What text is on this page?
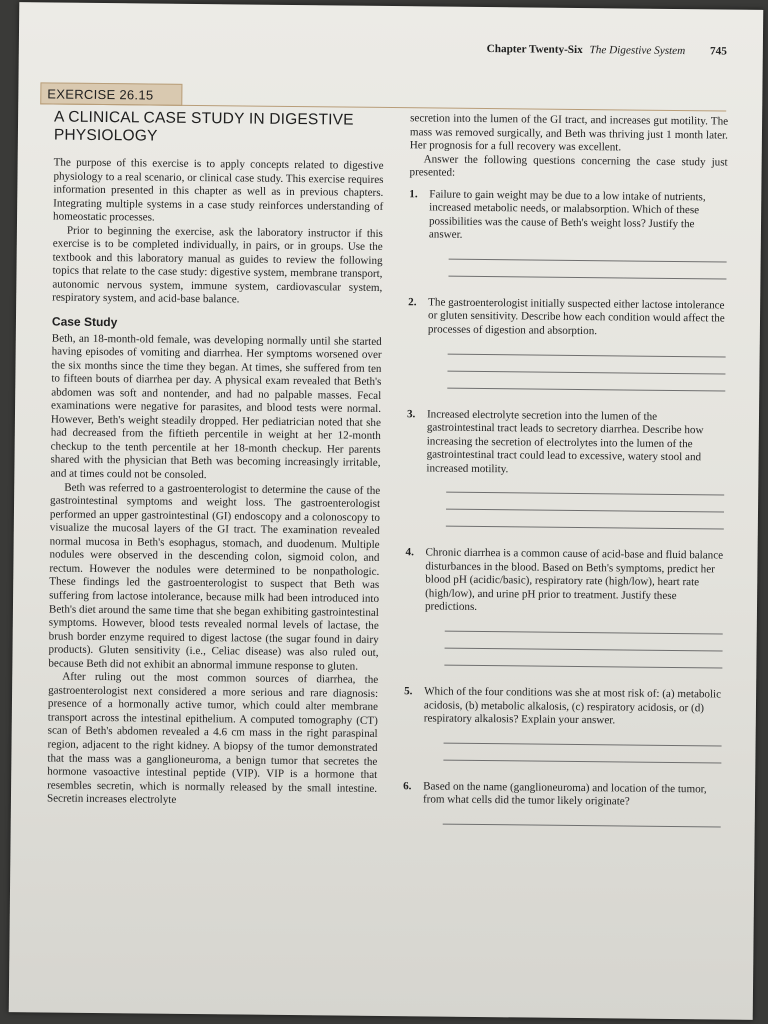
Chapter Twenty-Six The Digestive System 745
EXERCISE 26.15
A CLINICAL CASE STUDY IN DIGESTIVE PHYSIOLOGY

The purpose of this exercise is to apply concepts related to digestive physiology to a real scenario, or clinical case study. This exercise requires information presented in this chapter as well as in previous chapters. Integrating multiple systems in a case study reinforces understanding of homeostatic processes.

Prior to beginning the exercise, ask the laboratory instructor if this exercise is to be completed individually, in pairs, or in groups. Use the textbook and this laboratory manual as guides to review the following topics that relate to the case study: digestive system, membrane transport, autonomic nervous system, immune system, cardiovascular system, respiratory system, and acid-base balance.

Case Study

Beth, an 18-month-old female, was developing normally until she started having episodes of vomiting and diarrhea. Her symptoms worsened over the six months since the time they began. At times, she suffered from ten to fifteen bouts of diarrhea per day. A physical exam revealed that Beth's abdomen was soft and nontender, and had no palpable masses. Fecal examinations were negative for parasites, and blood tests were normal. However, Beth's weight steadily dropped. Her pediatrician noted that she had decreased from the fiftieth percentile in weight at her 12-month checkup to the tenth percentile at her 18-month checkup. Her parents shared with the physician that Beth was becoming increasingly irritable, and at times could not be consoled.

Beth was referred to a gastroenterologist to determine the cause of the gastrointestinal symptoms and weight loss. The gastroenterologist performed an upper gastrointestinal (GI) endoscopy and a colonoscopy to visualize the mucosal layers of the GI tract. The examination revealed normal mucosa in Beth's esophagus, stomach, and duodenum. Multiple nodules were observed in the descending colon, sigmoid colon, and rectum. However the nodules were determined to be nonpathologic. These findings led the gastroenterologist to suspect that Beth was suffering from lactose intolerance, because milk had been introduced into Beth's diet around the same time that she began exhibiting gastrointestinal symptoms. However, blood tests revealed normal levels of lactase, the brush border enzyme required to digest lactose (the sugar found in dairy products). Gluten sensitivity (i.e., Celiac disease) was also ruled out, because Beth did not exhibit an abnormal immune response to gluten.

After ruling out the most common sources of diarrhea, the gastroenterologist next considered a more serious and rare diagnosis: presence of a hormonally active tumor, which could alter membrane transport across the intestinal epithelium. A computed tomography (CT) scan of Beth's abdomen revealed a 4.6 cm mass in the right paraspinal region, adjacent to the right kidney. A biopsy of the tumor demonstrated that the mass was a ganglioneuroma, a benign tumor that secretes the hormone vasoactive intestinal peptide (VIP). VIP is a hormone that resembles secretin, which is normally released by the small intestine. Secretin increases electrolyte

secretion into the lumen of the GI tract, and increases gut motility. The mass was removed surgically, and Beth was thriving just 1 month later. Her prognosis for a full recovery was excellent.

Answer the following questions concerning the case study just presented:

1. Failure to gain weight may be due to a low intake of nutrients, increased metabolic needs, or malabsorption. Which of these possibilities was the cause of Beth's weight loss? Justify the answer.
2. The gastroenterologist initially suspected either lactose intolerance or gluten sensitivity. Describe how each condition would affect the processes of digestion and absorption.
3. Increased electrolyte secretion into the lumen of the gastrointestinal tract leads to secretory diarrhea. Describe how increasing the secretion of electrolytes into the lumen of the gastrointestinal tract could lead to excessive, watery stool and increased motility.
4. Chronic diarrhea is a common cause of acid-base and fluid balance disturbances in the blood. Based on Beth's symptoms, predict her blood pH (acidic/basic), respiratory rate (high/low), heart rate (high/low), and urine pH prior to treatment. Justify these predictions.
5. Which of the four conditions was she at most risk of: (a) metabolic acidosis, (b) metabolic alkalosis, (c) respiratory acidosis, or (d) respiratory alkalosis? Explain your answer.
6. Based on the name (ganglioneuroma) and location of the tumor, from what cells did the tumor likely originate?
